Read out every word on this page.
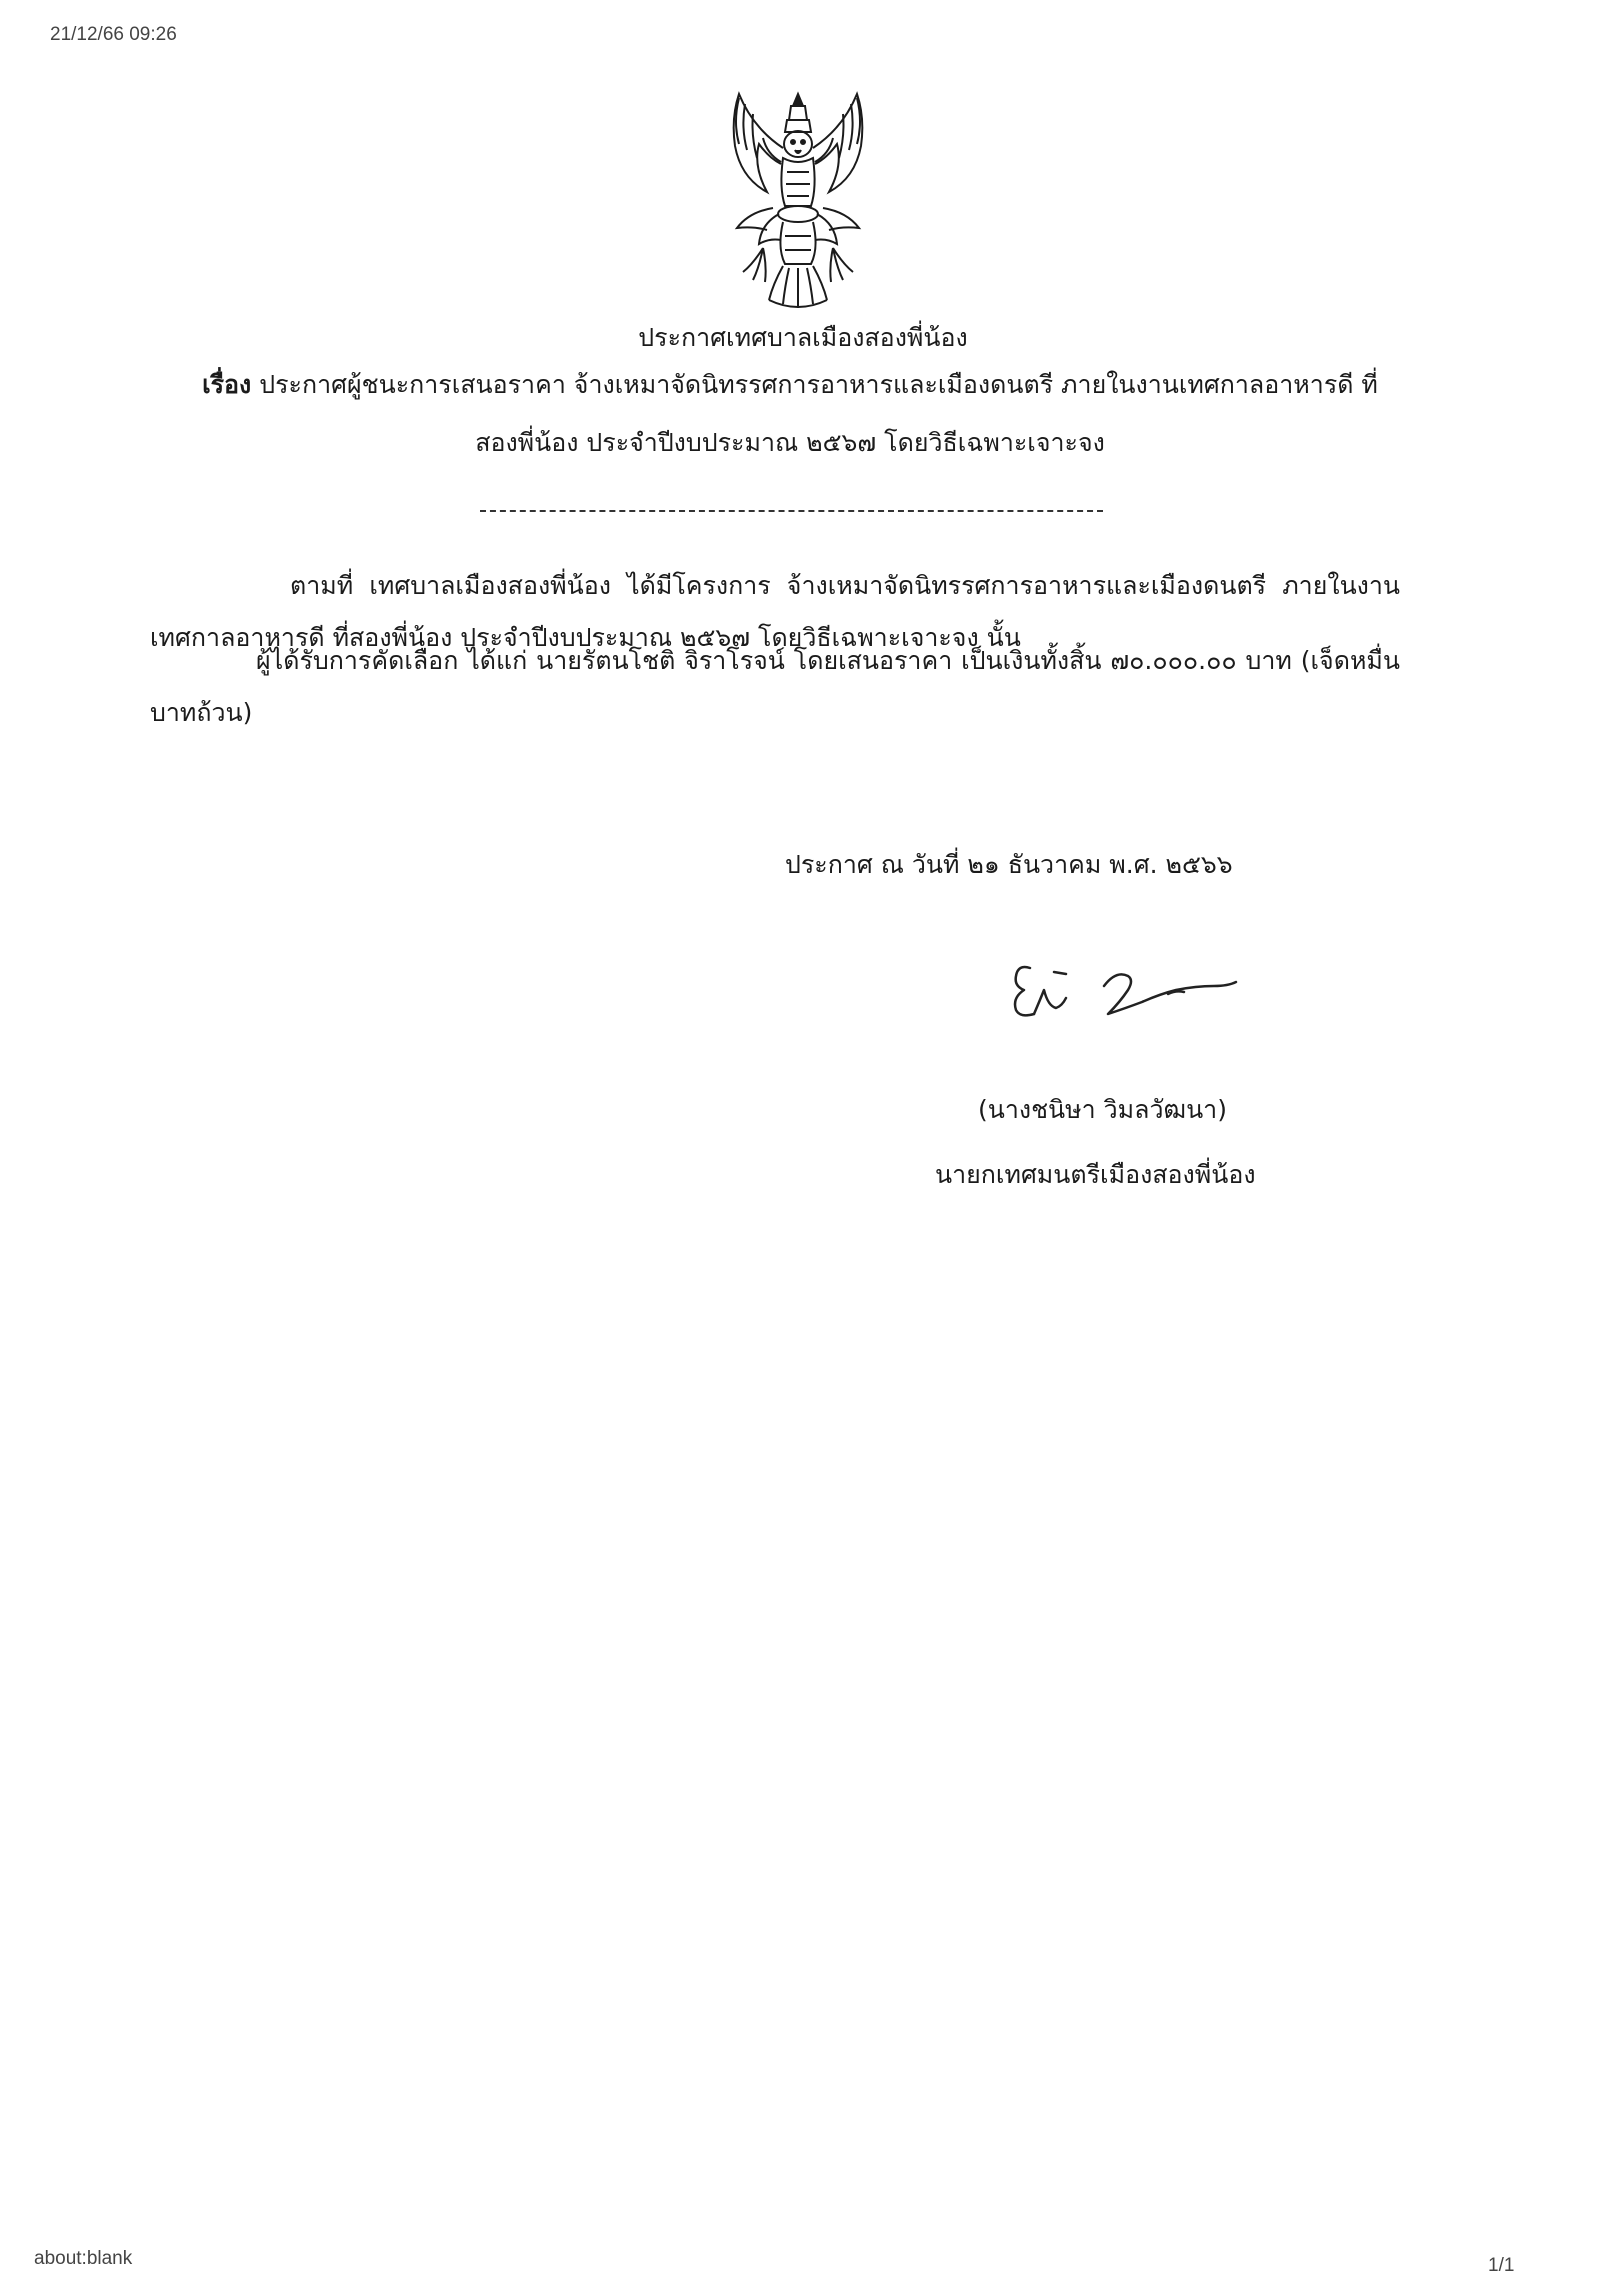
21/12/66 09:26
ประกาศเทศบาลเมืองสองพี่น้อง
เรื่อง ประกาศผู้ชนะการเสนอราคา จ้างเหมาจัดนิทรรศการอาหารและเมืองดนตรี ภายในงานเทศกาลอาหารดี ที่สองพี่น้อง ประจำปีงบประมาณ ๒๕๖๗ โดยวิธีเฉพาะเจาะจง
ตามที่ เทศบาลเมืองสองพี่น้อง ได้มีโครงการ จ้างเหมาจัดนิทรรศการอาหารและเมืองดนตรี ภายในงานเทศกาลอาหารดี ที่สองพี่น้อง ประจำปีงบประมาณ ๒๕๖๗ โดยวิธีเฉพาะเจาะจง นั้น
ผู้ได้รับการคัดเลือก ได้แก่ นายรัตนโชติ จิราโรจน์ โดยเสนอราคา เป็นเงินทั้งสิ้น ๗๐.๐๐๐.๐๐ บาท (เจ็ดหมื่นบาทถ้วน)
ประกาศ ณ วันที่ ๒๑ ธันวาคม พ.ศ. ๒๕๖๖
(นางชนิษา วิมลวัฒนา)
นายกเทศมนตรีเมืองสองพี่น้อง
about:blank	1/1
